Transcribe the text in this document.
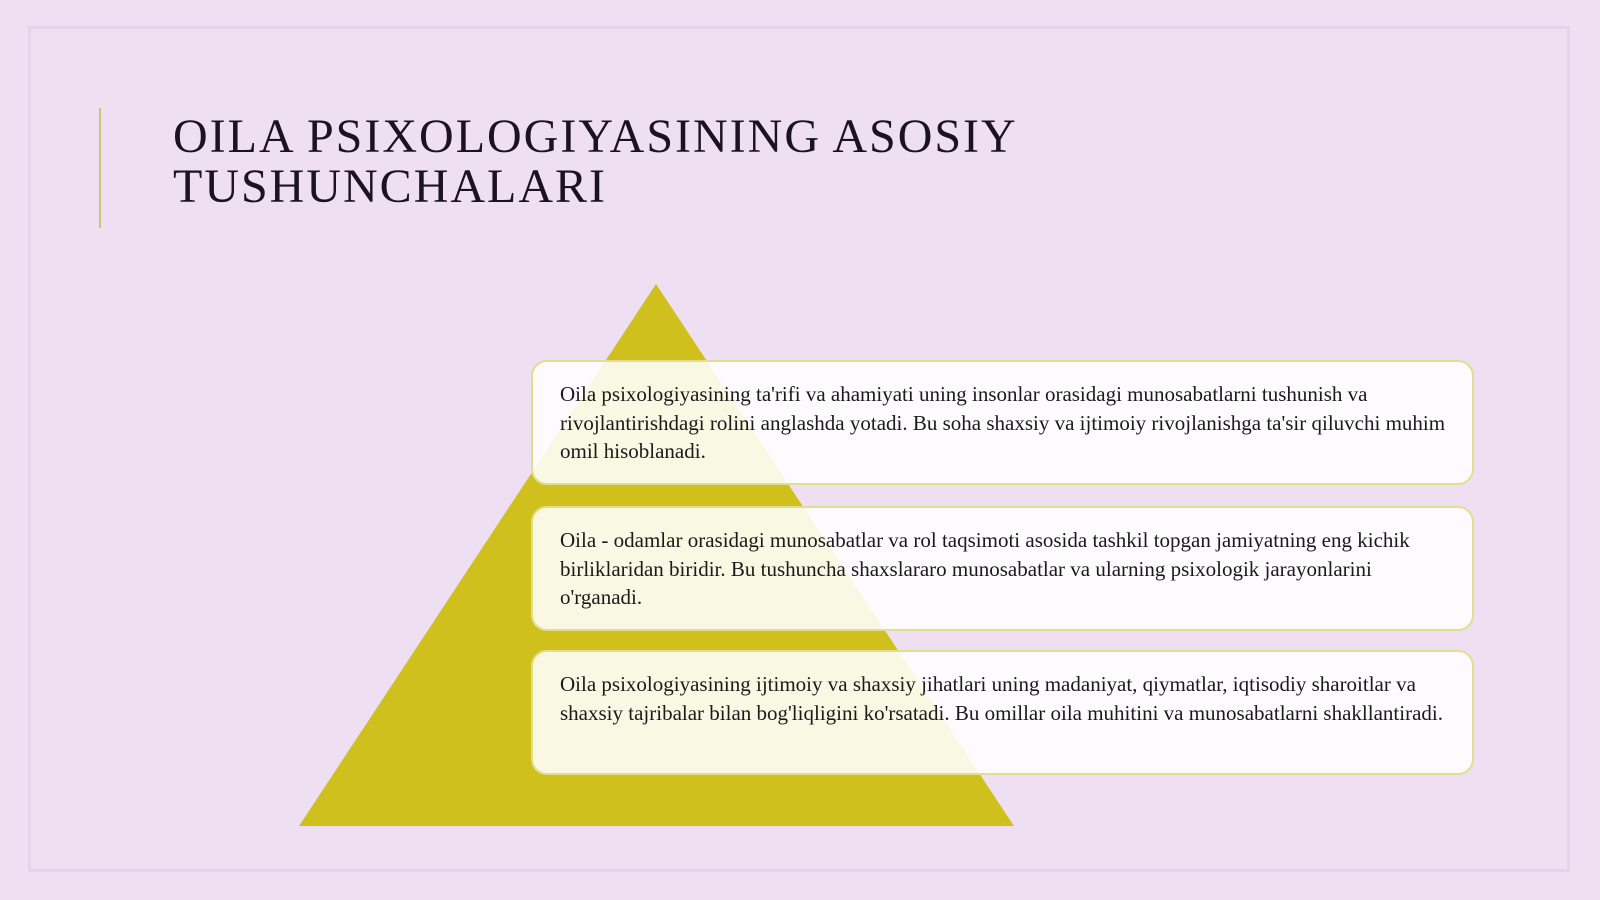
OILA PSIXOLOGIYASINING ASOSIY
TUSHUNCHALARI
Oila psixologiyasining ta'rifi va ahamiyati uning insonlar orasidagi munosabatlarni tushunish va rivojlantirishdagi rolini anglashda yotadi. Bu soha shaxsiy va ijtimoiy rivojlanishga ta'sir qiluvchi muhim omil hisoblanadi.
Oila - odamlar orasidagi munosabatlar va rol taqsimoti asosida tashkil topgan jamiyatning eng kichik birliklaridan biridir. Bu tushuncha shaxslararo munosabatlar va ularning psixologik jarayonlarini o'rganadi.
Oila psixologiyasining ijtimoiy va shaxsiy jihatlari uning madaniyat, qiymatlar, iqtisodiy sharoitlar va shaxsiy tajribalar bilan bog'liqligini ko'rsatadi. Bu omillar oila muhitini va munosabatlarni shakllantiradi.
